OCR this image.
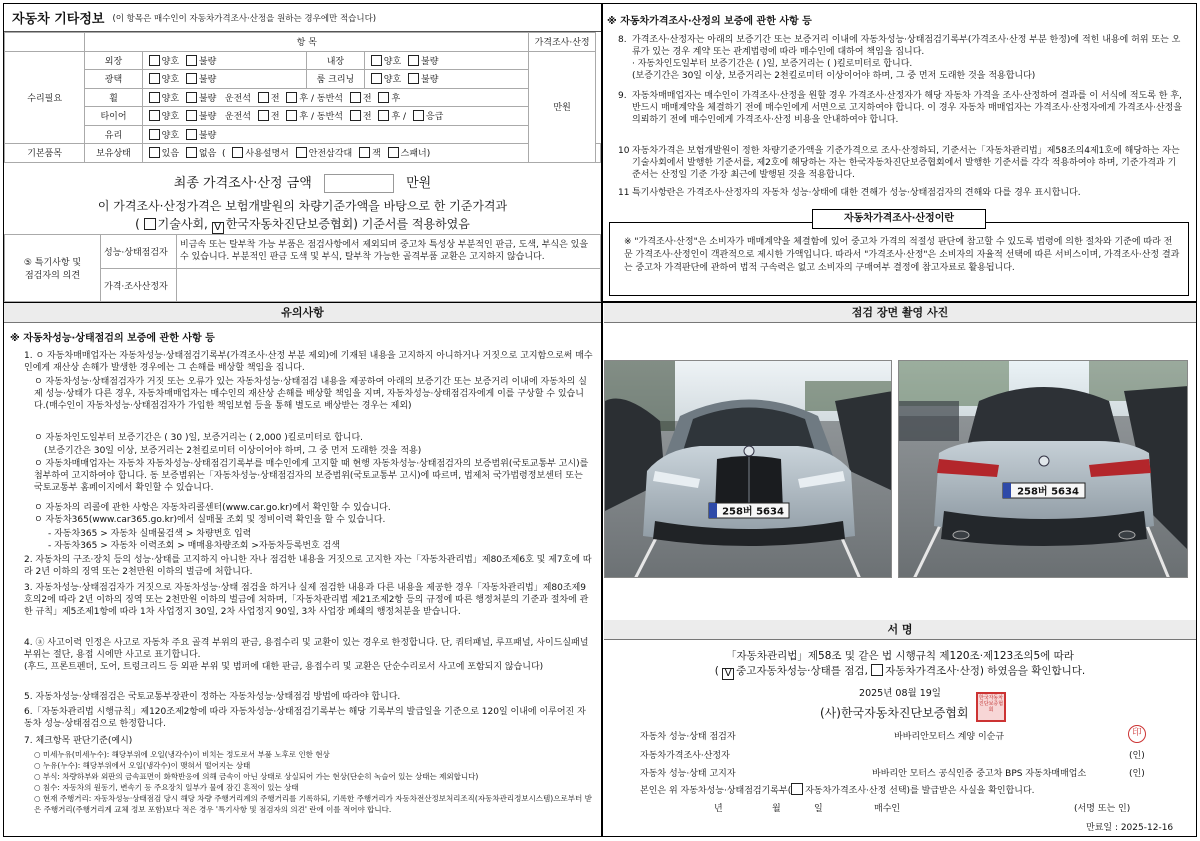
자동차 기타정보 (이 항목은 매수인이 자동차가격조사·산정을 원하는 경우에만 적습니다)
	항 목				가격조사·산정	
수리필요	외장	양호 불량	내장	양호 불량	만원	
	광택	양호 불량	룸 크리닝	양호 불량		
	휠	양호 불량 운전석 전 후 / 동반석 전 후				
	타이어	양호 불량 운전석 전 후 / 동반석 전 후 / 응급				
	유리	양호 불량				
기본품목	보유상태	있음 없음  ( 사용설명서 안전삼각대 잭 스패너)				
최종 가격조사·산정 금액	만원
이 가격조사·산정가격은 보험개발원의 차량기준가액을 바탕으로 한 기준가격과
( 기술사회, V 한국자동차진단보증협회) 기준서를 적용하였음
⑤ 특기사항 및
점검자의 의견	성능·상태점검자	비금속 또는 탈부착 가능 부품은 점검사항에서 제외되며 중고차 특성상 부분적인 판금, 도색, 부식은 있을 수 있습니다. 부분적인 판금 도색 및 부식, 탈부착 가능한 골격부품 교환은 고지하지 않습니다.
	가격·조사산정자	
※ 자동차가격조사·산정의 보증에 관한 사항 등
8. 가격조사·산정자는 아래의 보증기간 또는 보증거리 이내에 자동차성능·상태점검기록부(가격조사·산정 부분 한정)에 적힌 내용에 허위 또는 오류가 있는 경우 계약 또는 관계법령에 따라 매수인에 대하여 책임을 집니다.
· 자동차인도일부터 보증기간은 ( )일, 보증거리는 ( )킬로미터로 합니다.
(보증기간은 30일 이상, 보증거리는 2천킬로미터 이상이어야 하며, 그 중 먼저 도래한 것을 적용합니다)
9. 자동차매매업자는 매수인이 가격조사·산정을 원할 경우 가격조사·산정자가 해당 자동차 가격을 조사·산정하여 결과를 이 서식에 적도록 한 후, 반드시 매매계약을 체결하기 전에 매수인에게 서면으로 고지하여야 합니다. 이 경우 자동차 매매업자는 가격조사·산정자에게 가격조사·산정을 의뢰하기 전에 매수인에게 가격조사·산정 비용을 안내하여야 합니다.
10 자동차가격은 보험개발원이 정한 차량기준가액을 기준가격으로 조사·산정하되, 기준서는「자동차관리법」제58조의4제1호에 해당하는 자는 기술사회에서 발행한 기준서를, 제2호에 해당하는 자는 한국자동차진단보증협회에서 발행한 기준서를 각각 적용하여야 하며, 기준가격과 기준서는 산정일 기준 가장 최근에 발행된 것을 적용합니다.
11 특기사항란은 가격조사·산정자의 자동차 성능·상태에 대한 견해가 성능·상태점검자의 견해와 다를 경우 표시합니다.
자동차가격조사·산정이란
※ "가격조사·산정"은 소비자가 매매계약을 체결함에 있어 중고차 가격의 적절성 판단에 참고할 수 있도록 법령에 의한 절차와 기준에 따라 전문 가격조사·산정인이 객관적으로 제시한 가액입니다. 따라서 "가격조사·산정"은 소비자의 자율적 선택에 따른 서비스이며, 가격조사·산정 결과는 중고차 가격판단에 관하여 법적 구속력은 없고 소비자의 구매여부 결정에 참고자료로 활용됩니다.
유의사항
※ 자동차성능·상태점검의 보증에 관한 사항 등
1. ㅇ 자동차매매업자는 자동차성능·상태점검기록부(가격조사·산정 부분 제외)에 기재된 내용을 고지하지 아니하거나 거짓으로 고지함으로써 매수인에게 재산상 손해가 발생한 경우에는 그 손해를 배상할 책임을 집니다.
ㅇ 자동차성능·상태점검자가 거짓 또는 오류가 있는 자동차성능·상태점검 내용을 제공하여 아래의 보증기간 또는 보증거리 이내에 자동차의 실제 성능·상태가 다른 경우, 자동차매매업자는 매수인의 재산상 손해를 배상할 책임을 지며, 자동차성능·상태점검자에게 이를 구상할 수 있습니다.(매수인이 자동차성능·상태점검자가 가입한 책임보험 등을 통해 별도로 배상받는 경우는 제외)
ㅇ 자동차인도일부터 보증기간은 ( 30 )일, 보증거리는 ( 2,000 )킬로미터로 합니다.
(보증기간은 30일 이상, 보증거리는 2천킬로미터 이상이어야 하며, 그 중 먼저 도래한 것을 적용)
ㅇ 자동차매매업자는 자동차 자동차성능·상태점검기록부를 매수인에게 고지할 때 현행 자동차성능·상태점검자의 보증범위(국토교통부 고시)를 첨부하여 고지하여야 합니다. 동 보증범위는「자동차성능·상태점검자의 보증범위(국토교통부 고시)에 따르며, 법제처 국가법령정보센터 또는 국토교통부 홈페이지에서 확인할 수 있습니다.
ㅇ 자동차의 리콜에 관한 사항은 자동차리콜센터(www.car.go.kr)에서 확인할 수 있습니다.
ㅇ 자동차365(www.car365.go.kr)에서 실매물 조회 및 정비이력 확인을 할 수 있습니다.
- 자동차365 > 자동차 실매물검색 > 차량번호 입력
- 자동차365 > 자동차 이력조회 > 매매용차량조회 >자동차등록번호 검색
2. 자동차의 구조·장치 등의 성능·상태를 고지하지 아니한 자나 점검한 내용을 거짓으로 고지한 자는「자동차관리법」제80조제6호 및 제7호에 따라 2년 이하의 징역 또는 2천만원 이하의 벌금에 처합니다.
3. 자동차성능·상태점검자가 거짓으로 자동차성능·상태 점검을 하거나 실제 점검한 내용과 다른 내용을 제공한 경우「자동차관리법」제80조제9호의2에 따라 2년 이하의 징역 또는 2천만원 이하의 벌금에 처하며,「자동차관리법 제21조제2항 등의 규정에 따른 행정처분의 기준과 절차에 관한 규칙」제5조제1항에 따라 1차 사업정지 30일, 2차 사업정지 90일, 3차 사업장 폐쇄의 행정처분을 받습니다.
4. ⓐ 사고이력 인정은 사고로 자동차 주요 골격 부위의 판금, 용접수리 및 교환이 있는 경우로 한정합니다. 단, 쿼터패널, 루프패널, 사이드실패널 부위는 절단, 용접 시에만 사고로 표기합니다.
(후드, 프론트펜더, 도어, 트렁크리드 등 외판 부위 및 범퍼에 대한 판금, 용접수리 및 교환은 단순수리로서 사고에 포함되지 않습니다)
5. 자동차성능·상태점검은 국토교통부장관이 정하는 자동차성능·상태점검 방법에 따라야 합니다.
6.「자동차관리법 시행규칙」제120조제2항에 따라 자동차성능·상태점검기록부는 해당 기록부의 발급일을 기준으로 120일 이내에 이루어진 자동차 성능·상태점검으로 한정합니다.
7. 체크항목 판단기준(예시)
○ 미세누유(미세누수): 해당부위에 오일(냉각수)이 비치는 정도로서 부품 노후로 인한 현상
○ 누유(누수): 해당부위에서 오일(냉각수)이 맺혀서 떨어지는 상태
○ 부식: 차량하부와 외판의 금속표면이 화학반응에 의해 금속이 아닌 상태로 상실되어 가는 현상(단순히 녹슬어 있는 상태는 제외합니다)
○ 침수: 자동차의 원동기, 변속기 등 주요장치 일부가 물에 잠긴 흔적이 있는 상태
○ 현재 주행거리: 자동차성능·상태점검 당시 해당 차량 주행거리계의 주행거리를 기록하되, 기록한 주행거리가 자동차전산정보처리조직(자동차관리정보시스템)으로부터 받은 주행거리(주행거리계 교체 정보 포함)보다 적은 경우 '특기사항 및 점검자의 의견' 란에 이를 적어야 합니다.
점검 장면 촬영 사진
258버 5634
258버 5634
서 명
「자동차관리법」제58조 및 같은 법 시행규칙 제120조·제123조의5에 따라
( V 중고자동차성능·상태를 점검, 자동차가격조사·산정) 하였음을 확인합니다.
2025년 08월 19일
(사)한국자동차진단보증협회
한국자동차진단보증협회
자동차 성능·상태 점검자	바바리안모터스 계양 이순규	印
자동차가격조사·산정자	(인)
자동차 성능·상태 고지자	바바리안 모터스 공식인증 중고차 BPS 자동차매매업소	(인)
본인은 위 자동차성능·상태점검기록부( 자동차가격조사·산정 선택)를 발급받은 사실을 확인합니다.
년	월	일	매수인	(서명 또는 인)
만료일 : 2025-12-16
